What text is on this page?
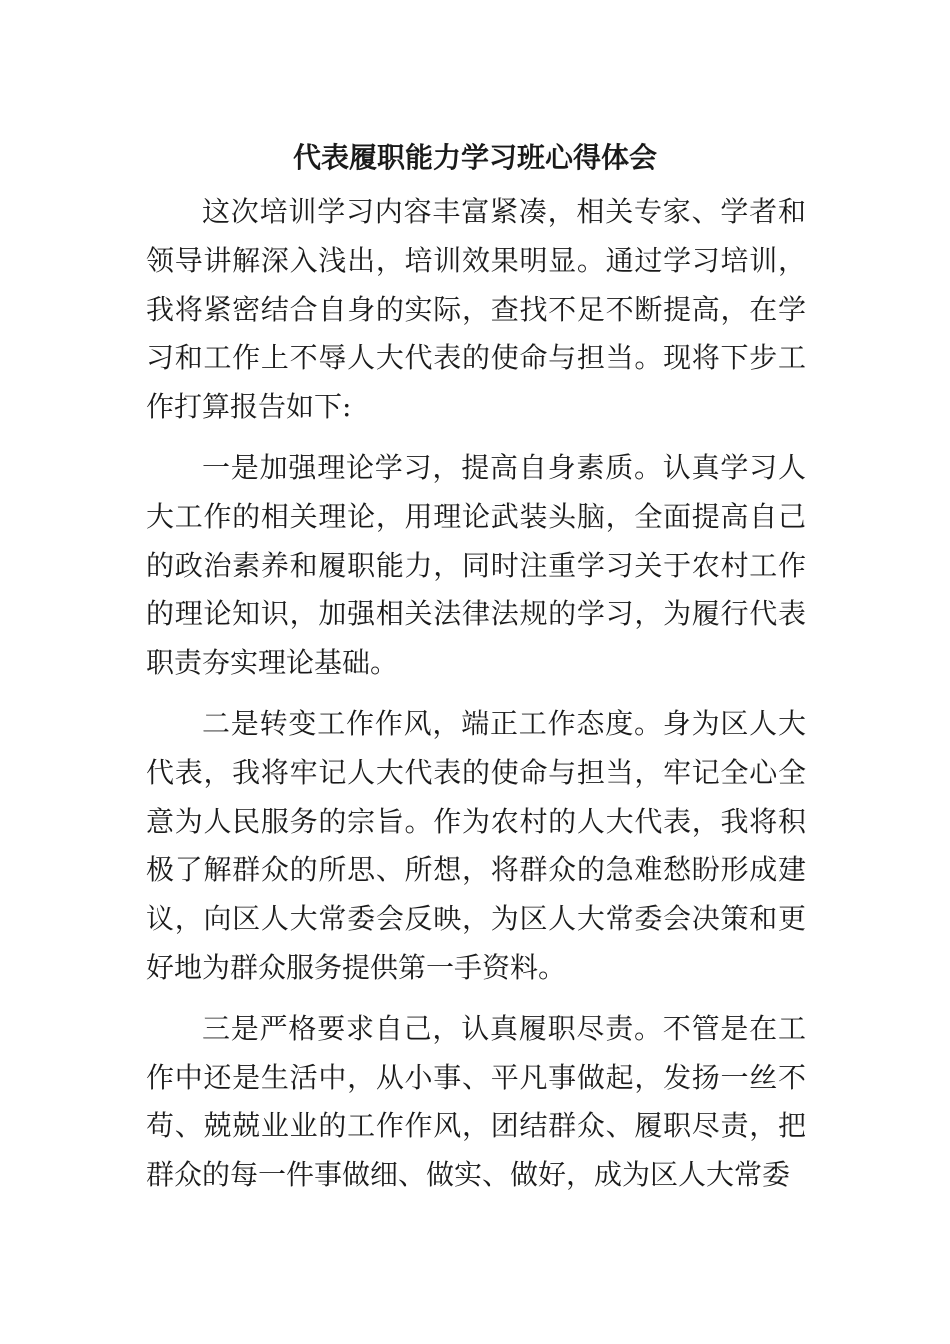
代表履职能力学习班心得体会

这次培训学习内容丰富紧凑，相关专家、学者和领导讲解深入浅出，培训效果明显。通过学习培训，我将紧密结合自身的实际，查找不足不断提高，在学习和工作上不辱人大代表的使命与担当。现将下步工作打算报告如下:

一是加强理论学习，提高自身素质。认真学习人大工作的相关理论，用理论武装头脑，全面提高自己的政治素养和履职能力，同时注重学习关于农村工作的理论知识，加强相关法律法规的学习，为履行代表职责夯实理论基础。

二是转变工作作风，端正工作态度。身为区人大代表，我将牢记人大代表的使命与担当，牢记全心全意为人民服务的宗旨。作为农村的人大代表，我将积极了解群众的所思、所想，将群众的急难愁盼形成建议，向区人大常委会反映，为区人大常委会决策和更好地为群众服务提供第一手资料。

三是严格要求自己，认真履职尽责。不管是在工作中还是生活中，从小事、平凡事做起，发扬一丝不苟、兢兢业业的工作作风，团结群众、履职尽责，把群众的每一件事做细、做实、做好，成为区人大常委
